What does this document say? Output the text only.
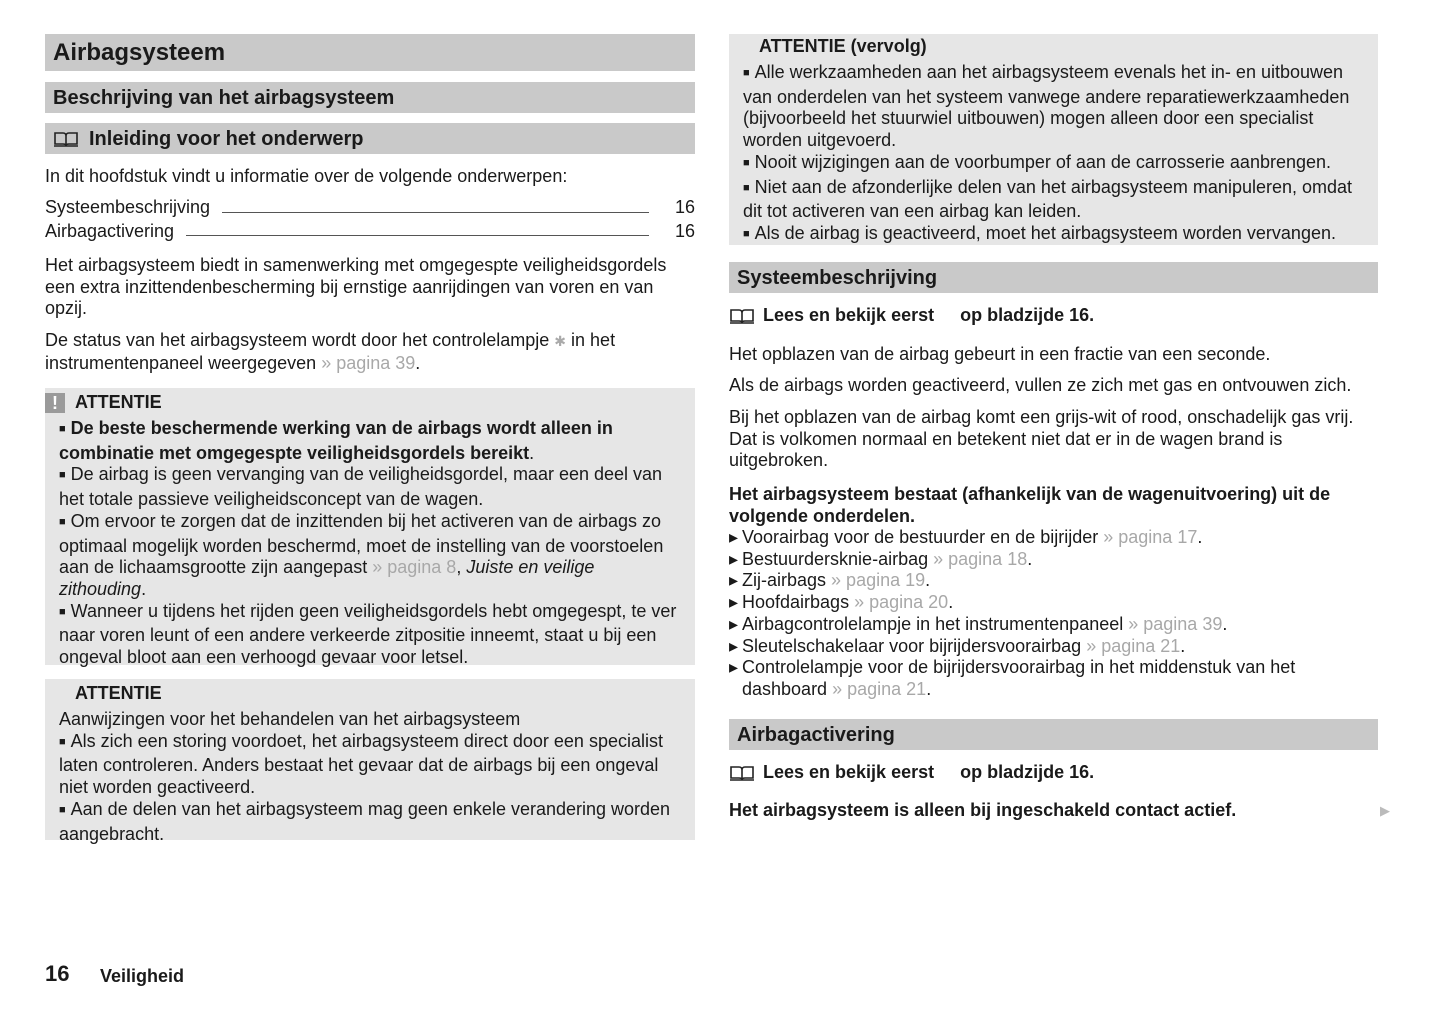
Airbagsysteem
Beschrijving van het airbagsysteem
Inleiding voor het onderwerp

In dit hoofdstuk vindt u informatie over de volgende onderwerpen:

Systeembeschrijving	16
Airbagactivering	16

Het airbagsysteem biedt in samenwerking met omgegespte veiligheidsgordels een extra inzittendenbescherming bij ernstige aanrijdingen van voren en van opzij.

De status van het airbagsysteem wordt door het controlelampje ✱ in het instrumentenpaneel weergegeven » pagina 39.

! ATTENTIE
■ De beste beschermende werking van de airbags wordt alleen in combinatie met omgegespte veiligheidsgordels bereikt.
■ De airbag is geen vervanging van de veiligheidsgordel, maar een deel van het totale passieve veiligheidsconcept van de wagen.
■ Om ervoor te zorgen dat de inzittenden bij het activeren van de airbags zo optimaal mogelijk worden beschermd, moet de instelling van de voorstoelen aan de lichaamsgrootte zijn aangepast » pagina 8, Juiste en veilige zithouding.
■ Wanneer u tijdens het rijden geen veiligheidsgordels hebt omgegespt, te ver naar voren leunt of een andere verkeerde zitpositie inneemt, staat u bij een ongeval bloot aan een verhoogd gevaar voor letsel.
ATTENTIE
Aanwijzingen voor het behandelen van het airbagsysteem
■ Als zich een storing voordoet, het airbagsysteem direct door een specialist laten controleren. Anders bestaat het gevaar dat de airbags bij een ongeval niet worden geactiveerd.
■ Aan de delen van het airbagsysteem mag geen enkele verandering worden aangebracht.
ATTENTIE (vervolg)
■ Alle werkzaamheden aan het airbagsysteem evenals het in- en uitbouwen van onderdelen van het systeem vanwege andere reparatiewerkzaamheden (bijvoorbeeld het stuurwiel uitbouwen) mogen alleen door een specialist worden uitgevoerd.
■ Nooit wijzigingen aan de voorbumper of aan de carrosserie aanbrengen.
■ Niet aan de afzonderlijke delen van het airbagsysteem manipuleren, omdat dit tot activeren van een airbag kan leiden.
■ Als de airbag is geactiveerd, moet het airbagsysteem worden vervangen.
Systeembeschrijving
Lees en bekijk eerst op bladzijde 16.

Het opblazen van de airbag gebeurt in een fractie van een seconde.

Als de airbags worden geactiveerd, vullen ze zich met gas en ontvouwen zich.

Bij het opblazen van de airbag komt een grijs-wit of rood, onschadelijk gas vrij. Dat is volkomen normaal en betekent niet dat er in de wagen brand is uitgebroken.

Het airbagsysteem bestaat (afhankelijk van de wagenuitvoering) uit de volgende onderdelen.

▸ Voorairbag voor de bestuurder en de bijrijder » pagina 17.
▸ Bestuurderskniе-airbag » pagina 18.
▸ Zij-airbags » pagina 19.
▸ Hoofdairbags » pagina 20.
▸ Airbagcontrolelampje in het instrumentenpaneel » pagina 39.
▸ Sleutelschakelaar voor bijrijdersvoorairbag » pagina 21.
▸ Controlelampje voor de bijrijdersvoorairbag in het middenstuk van het dashboard » pagina 21.
Airbagactivering
Lees en bekijk eerst op bladzijde 16.

Het airbagsysteem is alleen bij ingeschakeld contact actief.	▶
16 Veiligheid
